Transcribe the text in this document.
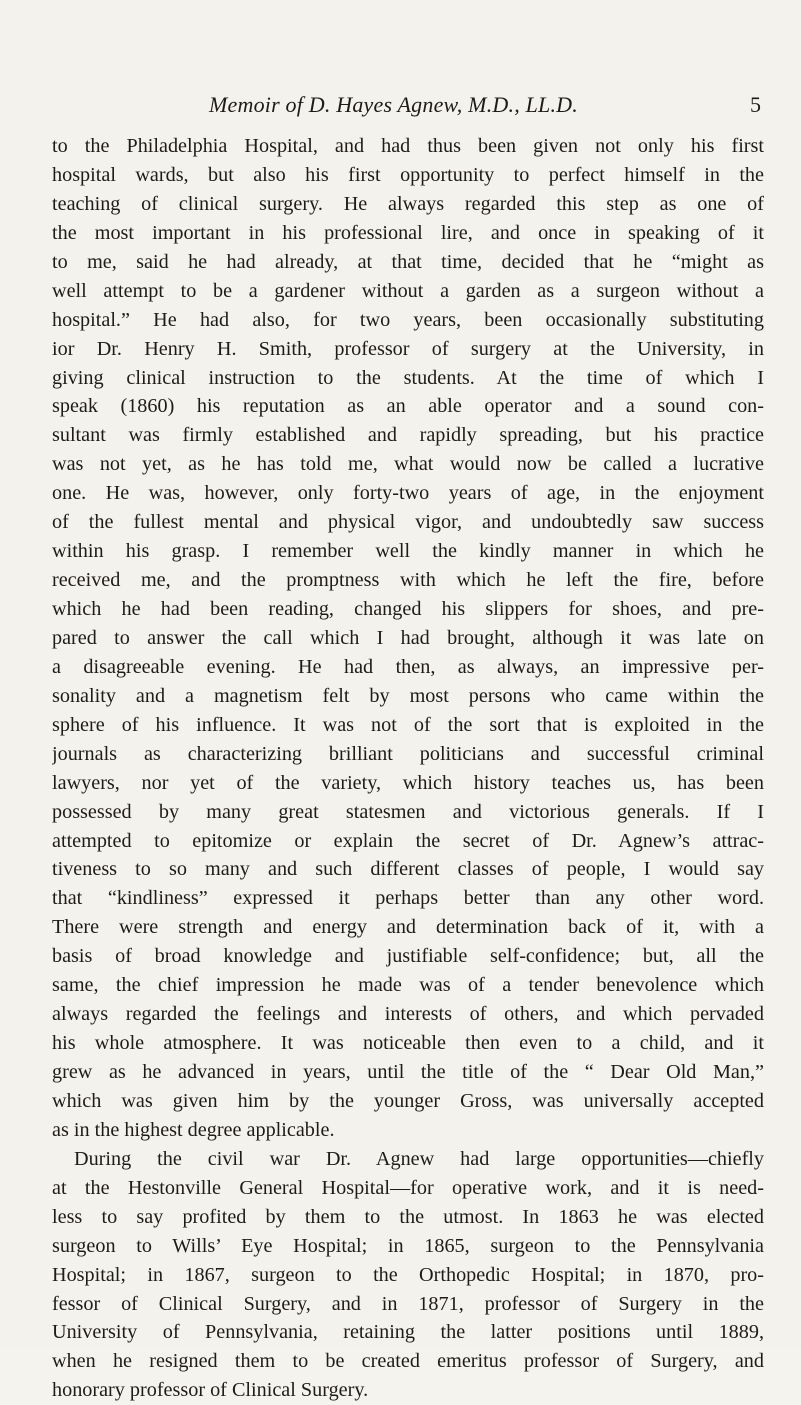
Memoir of D. Hayes Agnew, M.D., LL.D.	5
to the Philadelphia Hospital, and had thus been given not only his first
hospital wards, but also his first opportunity to perfect himself in the
teaching of clinical surgery. He always regarded this step as one of
the most important in his professional lire, and once in speaking of it
to me, said he had already, at that time, decided that he “might as
well attempt to be a gardener without a garden as a surgeon without a
hospital.” He had also, for two years, been occasionally substituting
ior Dr. Henry H. Smith, professor of surgery at the University, in
giving clinical instruction to the students. At the time of which I
speak (1860) his reputation as an able operator and a sound con-
sultant was firmly established and rapidly spreading, but his practice
was not yet, as he has told me, what would now be called a lucrative
one. He was, however, only forty-two years of age, in the enjoyment
of the fullest mental and physical vigor, and undoubtedly saw success
within his grasp. I remember well the kindly manner in which he
received me, and the promptness with which he left the fire, before
which he had been reading, changed his slippers for shoes, and pre-
pared to answer the call which I had brought, although it was late on
a disagreeable evening. He had then, as always, an impressive per-
sonality and a magnetism felt by most persons who came within the
sphere of his influence. It was not of the sort that is exploited in the
journals as characterizing brilliant politicians and successful criminal
lawyers, nor yet of the variety, which history teaches us, has been
possessed by many great statesmen and victorious generals. If I
attempted to epitomize or explain the secret of Dr. Agnew’s attrac-
tiveness to so many and such different classes of people, I would say
that “kindliness” expressed it perhaps better than any other word.
There were strength and energy and determination back of it, with a
basis of broad knowledge and justifiable self-confidence; but, all the
same, the chief impression he made was of a tender benevolence which
always regarded the feelings and interests of others, and which pervaded
his whole atmosphere. It was noticeable then even to a child, and it
grew as he advanced in years, until the title of the “ Dear Old Man,”
which was given him by the younger Gross, was universally accepted
as in the highest degree applicable.
During the civil war Dr. Agnew had large opportunities—chiefly
at the Hestonville General Hospital—for operative work, and it is need-
less to say profited by them to the utmost. In 1863 he was elected
surgeon to Wills’ Eye Hospital; in 1865, surgeon to the Pennsylvania
Hospital; in 1867, surgeon to the Orthopedic Hospital; in 1870, pro-
fessor of Clinical Surgery, and in 1871, professor of Surgery in the
University of Pennsylvania, retaining the latter positions until 1889,
when he resigned them to be created emeritus professor of Surgery, and
honorary professor of Clinical Surgery.
